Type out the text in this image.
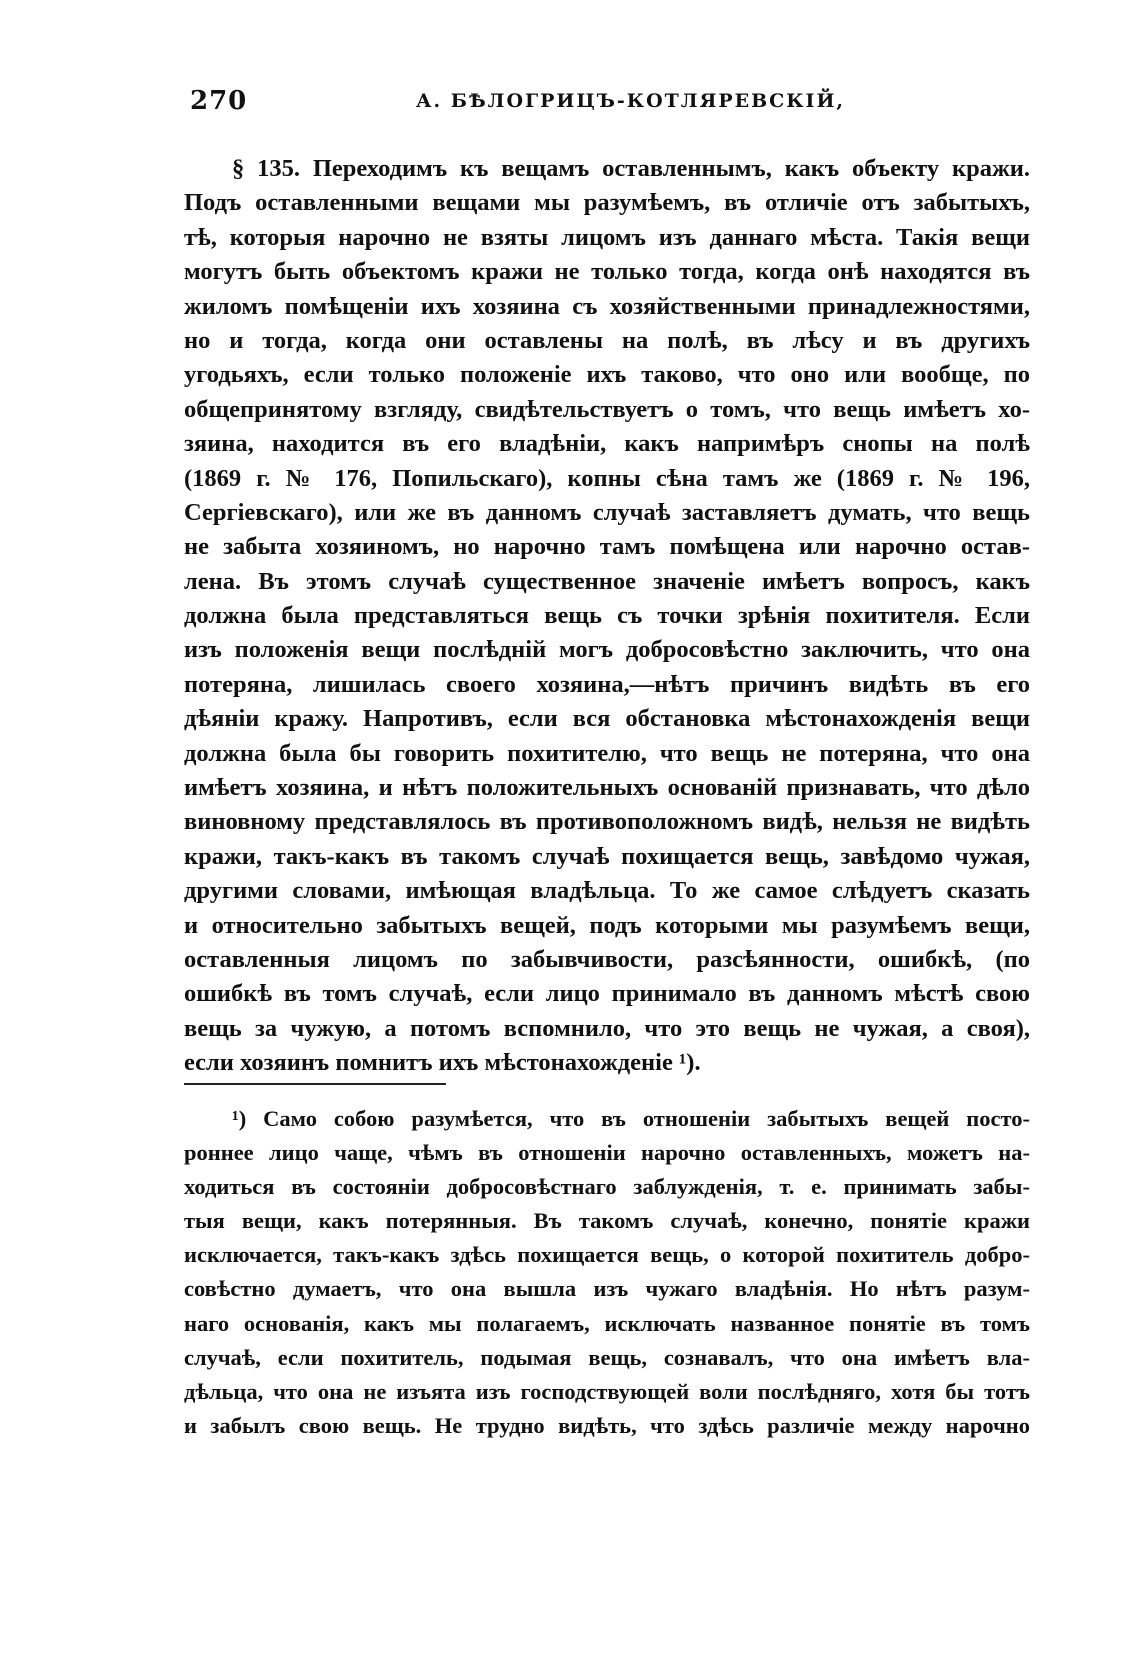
270	А. БѢЛОГРИЦЪ-КОТЛЯРЕВСКІЙ,
§ 135. Переходимъ къ вещамъ оставленнымъ, какъ объекту кражи.
Подъ оставленными вещами мы разумѣемъ, въ отличіе отъ забытыхъ,
тѣ, которыя нарочно не взяты лицомъ изъ даннаго мѣста. Такія вещи
могутъ быть объектомъ кражи не только тогда, когда онѣ находятся въ
жиломъ помѣщеніи ихъ хозяина съ хозяйственными принадлежностями,
но и тогда, когда они оставлены на полѣ, въ лѣсу и въ другихъ
угодьяхъ, если только положеніе ихъ таково, что оно или вообще, по
общепринятому взгляду, свидѣтельствуетъ о томъ, что вещь имѣетъ хо-
зяина, находится въ его владѣніи, какъ напримѣръ снопы на полѣ
(1869 г. № 176, Попильскаго), копны сѣна тамъ же (1869 г. № 196,
Сергіевскаго), или же въ данномъ случаѣ заставляетъ думать, что вещь
не забыта хозяиномъ, но нарочно тамъ помѣщена или нарочно остав-
лена. Въ этомъ случаѣ существенное значеніе имѣетъ вопросъ, какъ
должна была представляться вещь съ точки зрѣнія похитителя. Если
изъ положенія вещи послѣдній могъ добросовѣстно заключить, что она
потеряна, лишилась своего хозяина,—нѣтъ причинъ видѣть въ его
дѣяніи кражу. Напротивъ, если вся обстановка мѣстонахожденія вещи
должна была бы говорить похитителю, что вещь не потеряна, что она
имѣетъ хозяина, и нѣтъ положительныхъ основаній признавать, что дѣло
виновному представлялось въ противоположномъ видѣ, нельзя не видѣть
кражи, такъ-какъ въ такомъ случаѣ похищается вещь, завѣдомо чужая,
другими словами, имѣющая владѣльца. То же самое слѣдуетъ сказать
и относительно забытыхъ вещей, подъ которыми мы разумѣемъ вещи,
оставленныя лицомъ по забывчивости, разсѣянности, ошибкѣ, (по
ошибкѣ въ томъ случаѣ, если лицо принимало въ данномъ мѣстѣ свою
вещь за чужую, а потомъ вспомнило, что это вещь не чужая, а своя),
если хозяинъ помнитъ ихъ мѣстонахожденіе ¹).
¹) Само собою разумѣется, что въ отношеніи забытыхъ вещей посто-
роннее лицо чаще, чѣмъ въ отношеніи нарочно оставленныхъ, можетъ на-
ходиться въ состояніи добросовѣстнаго заблужденія, т. е. принимать забы-
тыя вещи, какъ потерянныя. Въ такомъ случаѣ, конечно, понятіе кражи
исключается, такъ-какъ здѣсь похищается вещь, о которой похититель добро-
совѣстно думаетъ, что она вышла изъ чужаго владѣнія. Но нѣтъ разум-
наго основанія, какъ мы полагаемъ, исключать названное понятіе въ томъ
случаѣ, если похититель, подымая вещь, сознавалъ, что она имѣетъ вла-
дѣльца, что она не изъята изъ господствующей воли послѣдняго, хотя бы тотъ
и забылъ свою вещь. Не трудно видѣть, что здѣсь различіе между нарочно
